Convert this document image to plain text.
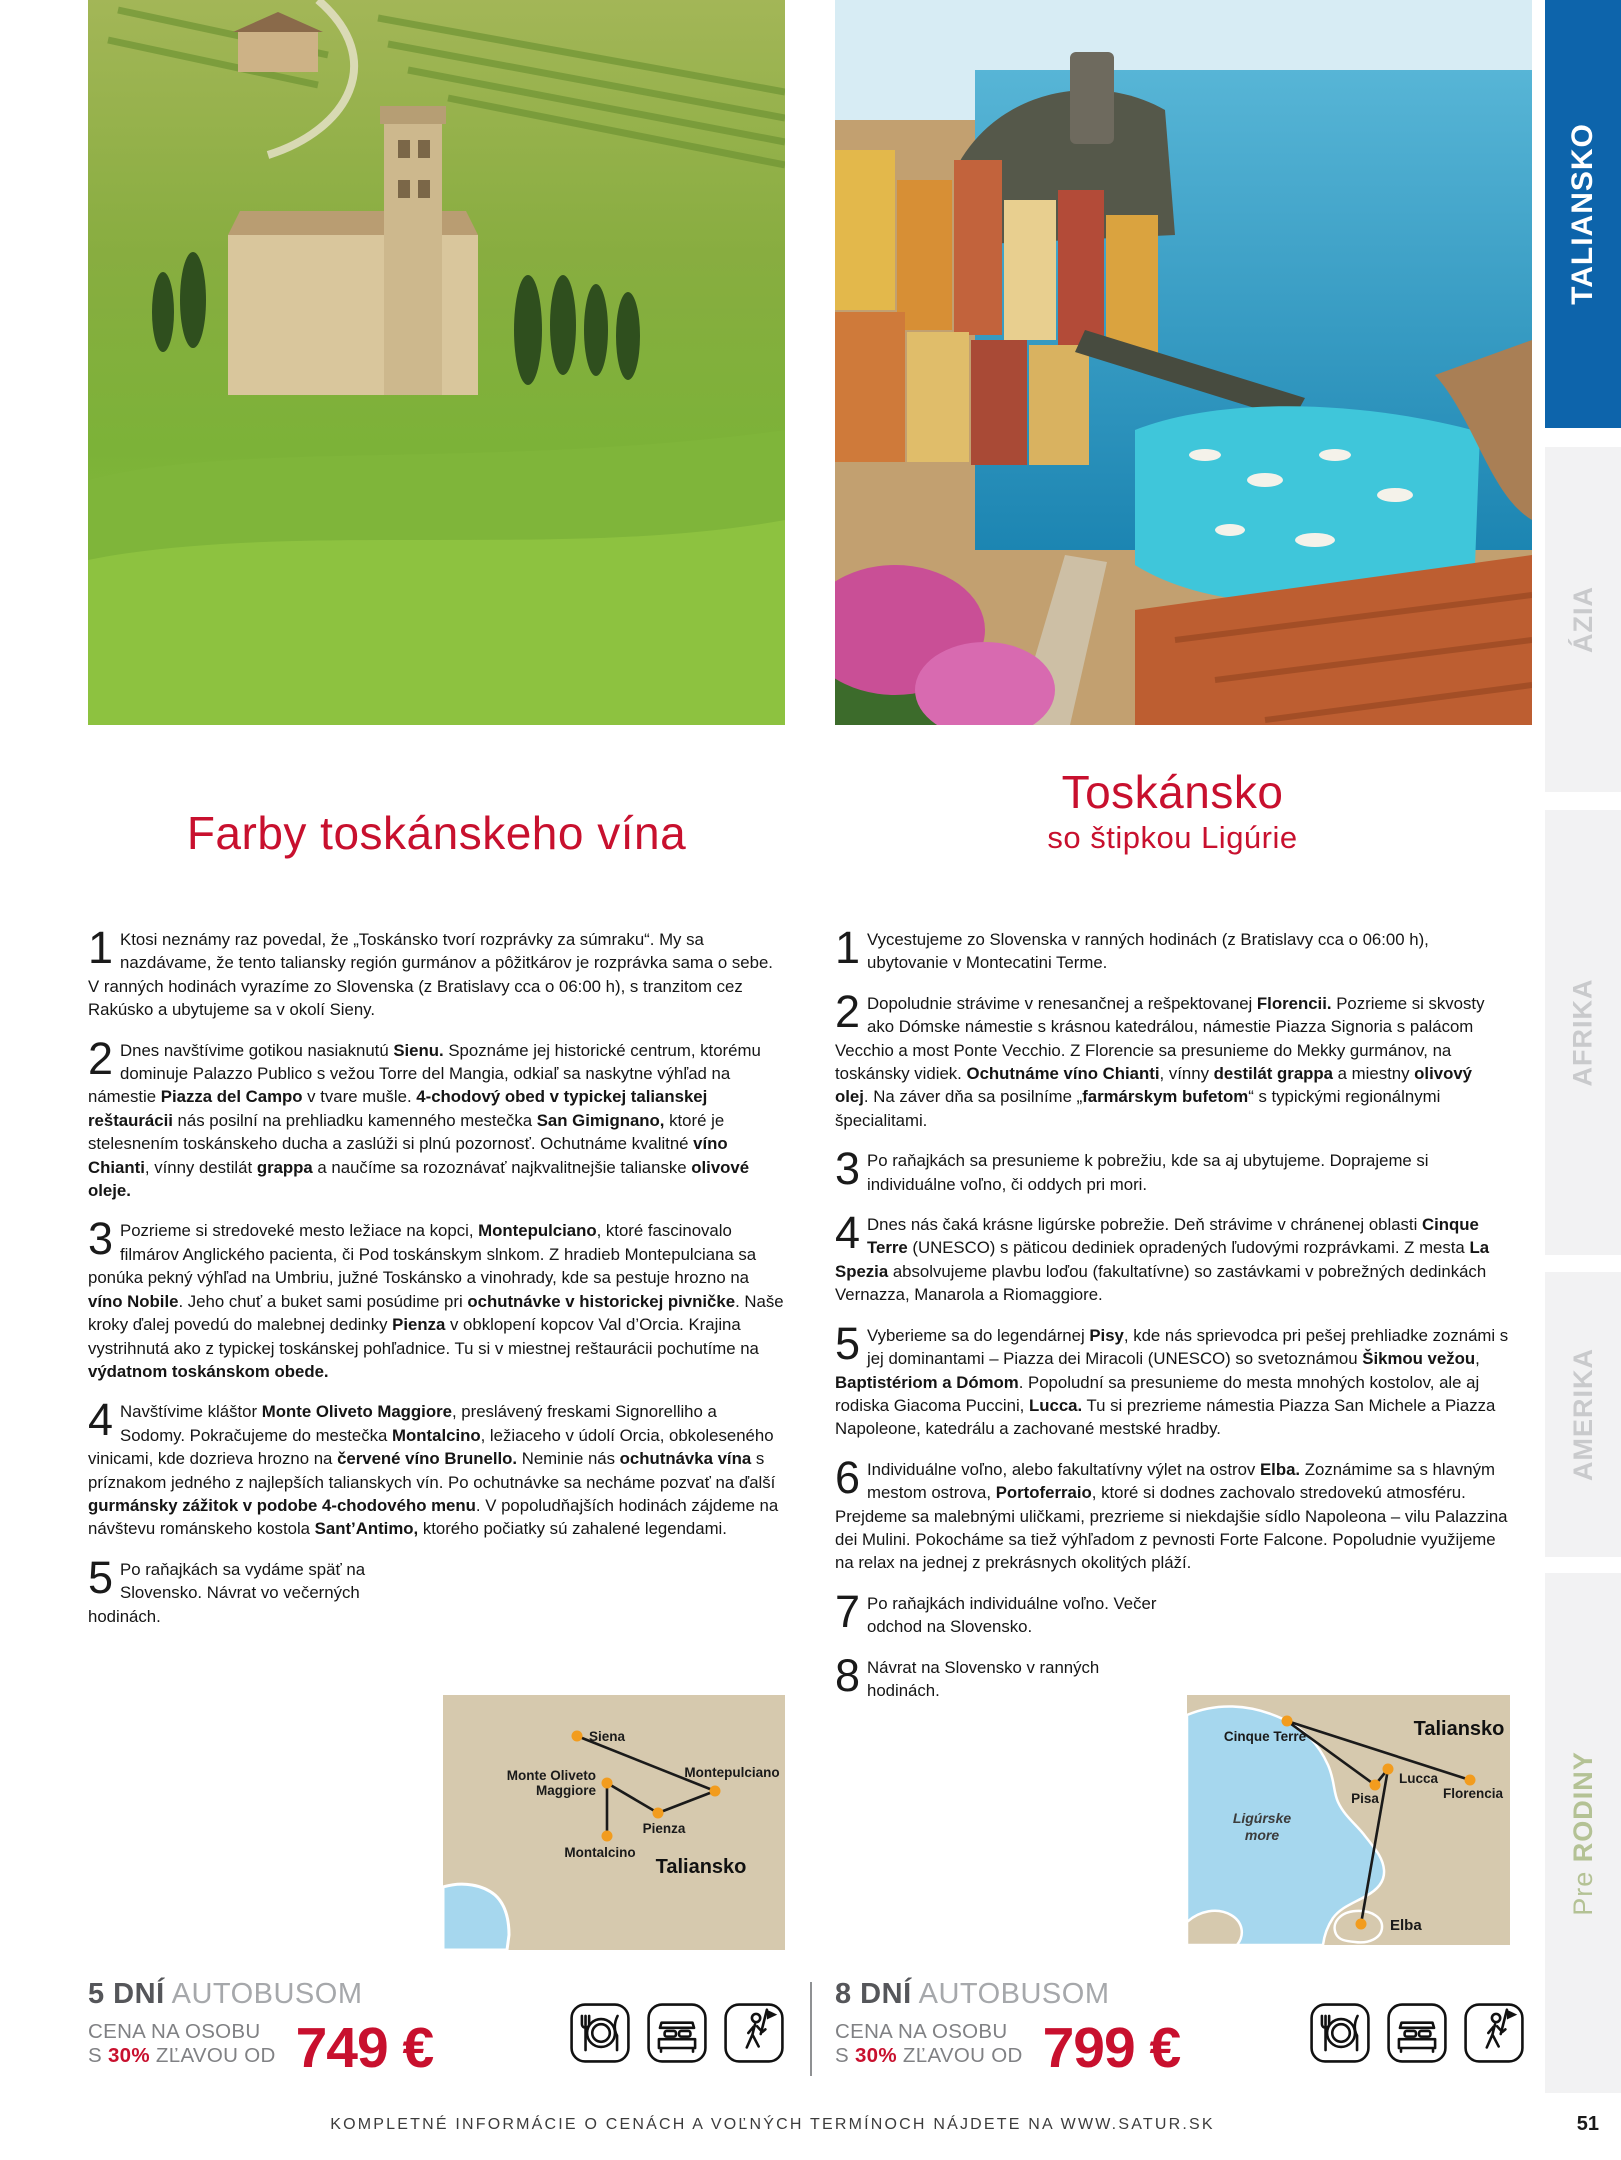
Farby toskánskeho vína
Toskánsko
so štipkou Ligúrie
1 Ktosi neznámy raz povedal, že „Toskánsko tvorí rozprávky za súmraku“. My sa nazdávame, že tento taliansky región gurmánov a pôžitkárov je rozprávka sama o sebe. V ranných hodinách vyrazíme zo Slovenska (z Bratislavy cca o 06:00 h), s tranzitom cez Rakúsko a ubytujeme sa v okolí Sieny.
2 Dnes navštívime gotikou nasiaknutú Sienu. Spoznáme jej historické centrum, ktorému dominuje Palazzo Publico s vežou Torre del Mangia, odkiaľ sa naskytne výhľad na námestie Piazza del Campo v tvare mušle. 4-chodový obed v typickej talianskej reštaurácii nás posilní na prehliadku kamenného mestečka San Gimignano, ktoré je stelesnením toskánskeho ducha a zaslúži si plnú pozornosť. Ochutnáme kvalitné víno Chianti, vínny destilát grappa a naučíme sa rozoznávať najkvalitnejšie talianske olivové oleje.
3 Pozrieme si stredoveké mesto ležiace na kopci, Montepulciano, ktoré fascinovalo filmárov Anglického pacienta, či Pod toskánskym slnkom. Z hradieb Montepulciana sa ponúka pekný výhľad na Umbriu, južné Toskánsko a vinohrady, kde sa pestuje hrozno na víno Nobile. Jeho chuť a buket sami posúdime pri ochutnávke v historickej pivničke. Naše kroky ďalej povedú do malebnej dedinky Pienza v obklopení kopcov Val d’Orcia. Krajina vystrihnutá ako z typickej toskánskej pohľadnice. Tu si v miestnej reštaurácii pochutíme na výdatnom toskánskom obede.
4 Navštívime kláštor Monte Oliveto Maggiore, preslávený freskami Signorelliho a Sodomy. Pokračujeme do mestečka Montalcino, ležiaceho v údolí Orcia, obkoleseného vinicami, kde dozrieva hrozno na červené víno Brunello. Neminie nás ochutnávka vína s príznakom jedného z najlepších talianskych vín. Po ochutnávke sa necháme pozvať na ďalší gurmánsky zážitok v podobe 4-chodového menu. V popoludňajších hodinách zájdeme na návštevu románskeho kostola Sant’Antimo, ktorého počiatky sú zahalené legendami.
5 Po raňajkách sa vydáme späť na Slovensko. Návrat vo večerných hodinách.
1 Vycestujeme zo Slovenska v ranných hodinách (z Bratislavy cca o 06:00 h), ubytovanie v Montecatini Terme.
2 Dopoludnie strávime v renesančnej a rešpektovanej Florencii. Pozrieme si skvosty ako Dómske námestie s krásnou katedrálou, námestie Piazza Signoria s palácom Vecchio a most Ponte Vecchio. Z Florencie sa presunieme do Mekky gurmánov, na toskánsky vidiek. Ochutnáme víno Chianti, vínny destilát grappa a miestny olivový olej. Na záver dňa sa posilníme „farmárskym bufetom“ s typickými regionálnymi špecialitami.
3 Po raňajkách sa presunieme k pobrežiu, kde sa aj ubytujeme. Doprajeme si individuálne voľno, či oddych pri mori.
4 Dnes nás čaká krásne ligúrske pobrežie. Deň strávime v chránenej oblasti Cinque Terre (UNESCO) s päticou dediniek opradených ľudovými rozprávkami. Z mesta La Spezia absolvujeme plavbu loďou (fakultatívne) so zastávkami v pobrežných dedinkách Vernazza, Manarola a Riomaggiore.
5 Vyberieme sa do legendárnej Pisy, kde nás sprievodca pri pešej prehliadke zoznámi s jej dominantami – Piazza dei Miracoli (UNESCO) so svetoznámou Šikmou vežou, Baptistériom a Dómom. Popoludní sa presunieme do mesta mnohých kostolov, ale aj rodiska Giacoma Puccini, Lucca. Tu si prezrieme námestia Piazza San Michele a Piazza Napoleone, katedrálu a zachované mestské hradby.
6 Individuálne voľno, alebo fakultatívny výlet na ostrov Elba. Zoznámime sa s hlavným mestom ostrova, Portoferraio, ktoré si dodnes zachovalo stredovekú atmosféru. Prejdeme sa malebnými uličkami, prezrieme si niekdajšie sídlo Napoleona – vilu Palazzina dei Mulini. Pokocháme sa tiež výhľadom z pevnosti Forte Falcone. Popoludnie využijeme na relax na jednej z prekrásnych okolitých pláží.
7 Po raňajkách individuálne voľno. Večer odchod na Slovensko.
8 Návrat na Slovensko v ranných hodinách.
Siena
Montepulciano
Monte Oliveto Maggiore
Pienza
Montalcino
Taliansko
Cinque Terre
Lucca
Pisa	Florencia
Elba
Taliansko
Ligúrske more
5 DNÍ AUTOBUSOM
CENA NA OSOBU
S 30% ZĽAVOU OD 749 €
8 DNÍ AUTOBUSOM
CENA NA OSOBU
S 30% ZĽAVOU OD 799 €
TALIANSKO
ÁZIA
AFRIKA
AMERIKA
Pre RODINY
KOMPLETNÉ INFORMÁCIE O CENÁCH A VOĽNÝCH TERMÍNOCH NÁJDETE NA WWW.SATUR.SK	51
